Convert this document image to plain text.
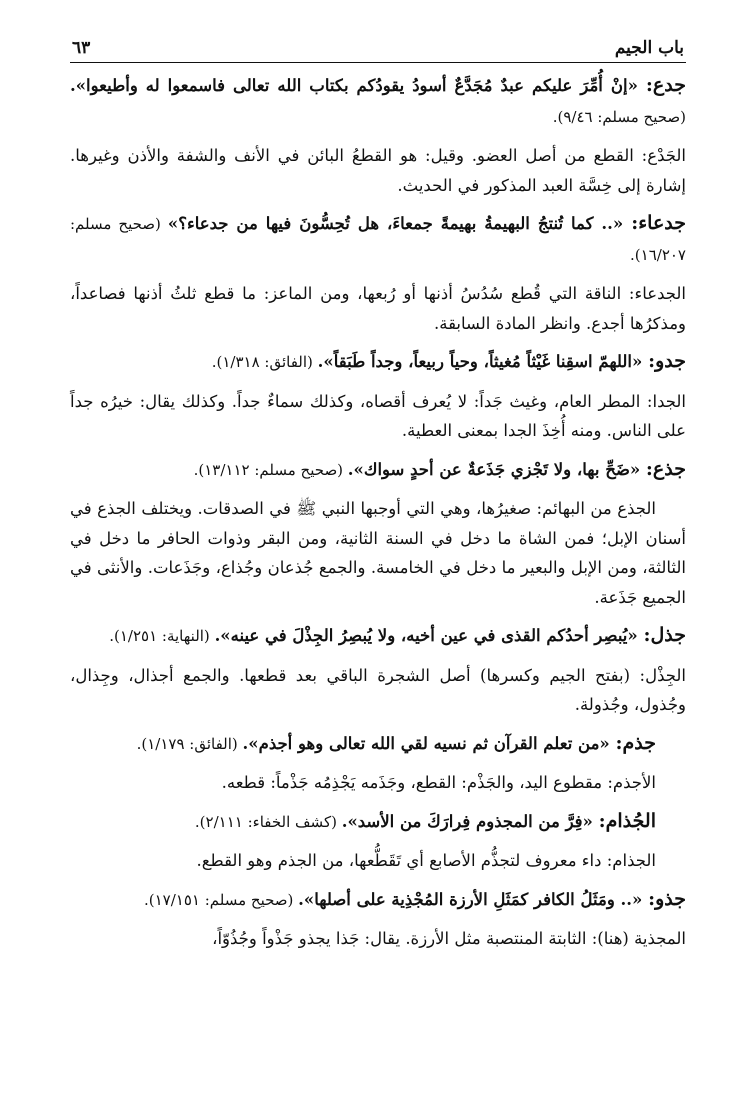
باب الجيم
٦٣

جدع: «إنْ أُمِّرَ عليكم عبدٌ مُجَدَّعٌ أسودُ يقودُكم بكتاب الله تعالى فاسمعوا له وأطيعوا». (صحيح مسلم: ٩/٤٦).

الجَدْع: القطع من أصل العضو. وقيل: هو القطعُ البائن في الأنف والشفة والأذن وغيرها. إشارة إلى خِسَّة العبد المذكور في الحديث.

جدعاء: «.. كما تُنتجُ البهيمةُ بهيمةً جمعاءَ، هل تُحِسُّونَ فيها من جدعاء؟» (صحيح مسلم: ١٦/٢٠٧).

الجدعاء: الناقة التي قُطع سُدُسُ أذنها أو رُبعها، ومن الماعز: ما قطع ثلثُ أذنها فصاعداً، ومذكرُها أجدع. وانظر المادة السابقة.

جدو: «اللهمّ اسقِنا غَيْثاً مُغيثاً، وحياً ربيعاً، وجداً طَبَقاً». (الفائق: ١/٣١٨).

الجدا: المطر العام، وغيث جَداً: لا يُعرف أقصاه، وكذلك سماءٌ جداً. وكذلك يقال: خيرُه جداً على الناس. ومنه أُخِذَ الجدا بمعنى العطية.

جذع: «ضَحِّ بها، ولا تَجْزي جَذَعةٌ عن أحدٍ سواك». (صحيح مسلم: ١٣/١١٢).

الجذع من البهائم: صغيرُها، وهي التي أوجبها النبي ﷺ في الصدقات. ويختلف الجذع في أسنان الإبل؛ فمن الشاة ما دخل في السنة الثانية، ومن البقر وذوات الحافر ما دخل في الثالثة، ومن الإبل والبعير ما دخل في الخامسة. والجمع جُذعان وجُذاع، وجَذَعات. والأنثى في الجميع جَذَعة.

جذل: «يُبصِر أحدُكم القذى في عين أخيه، ولا يُبصِرُ الجِذْلَ في عينه». (النهاية: ١/٢٥١).

الجِذْل: (بفتح الجيم وكسرها) أصل الشجرة الباقي بعد قطعها. والجمع أجذال، وجِذال، وجُذول، وجُذولة.

جذم: «من تعلم القرآن ثم نسيه لقي الله تعالى وهو أجذم». (الفائق: ١/١٧٩).

الأجذم: مقطوع اليد، والجَذْم: القطع، وجَذَمه يَجْذِمُه جَذْماً: قطعه.

الجُذام: «فِرَّ من المجذوم فِرارَكَ من الأسد». (كشف الخفاء: ٢/١١١).

الجذام: داء معروف لتجذُّم الأصابع أي تَقَطُّعها، من الجذم وهو القطع.

جذو: «.. ومَثَلُ الكافر كمَثَلِ الأرزة المُجْذِية على أصلها». (صحيح مسلم: ١٧/١٥١).

المجذية (هنا): الثابتة المنتصبة مثل الأرزة. يقال: جَذا يجذو جَذْواً وجُذُوّاً،
